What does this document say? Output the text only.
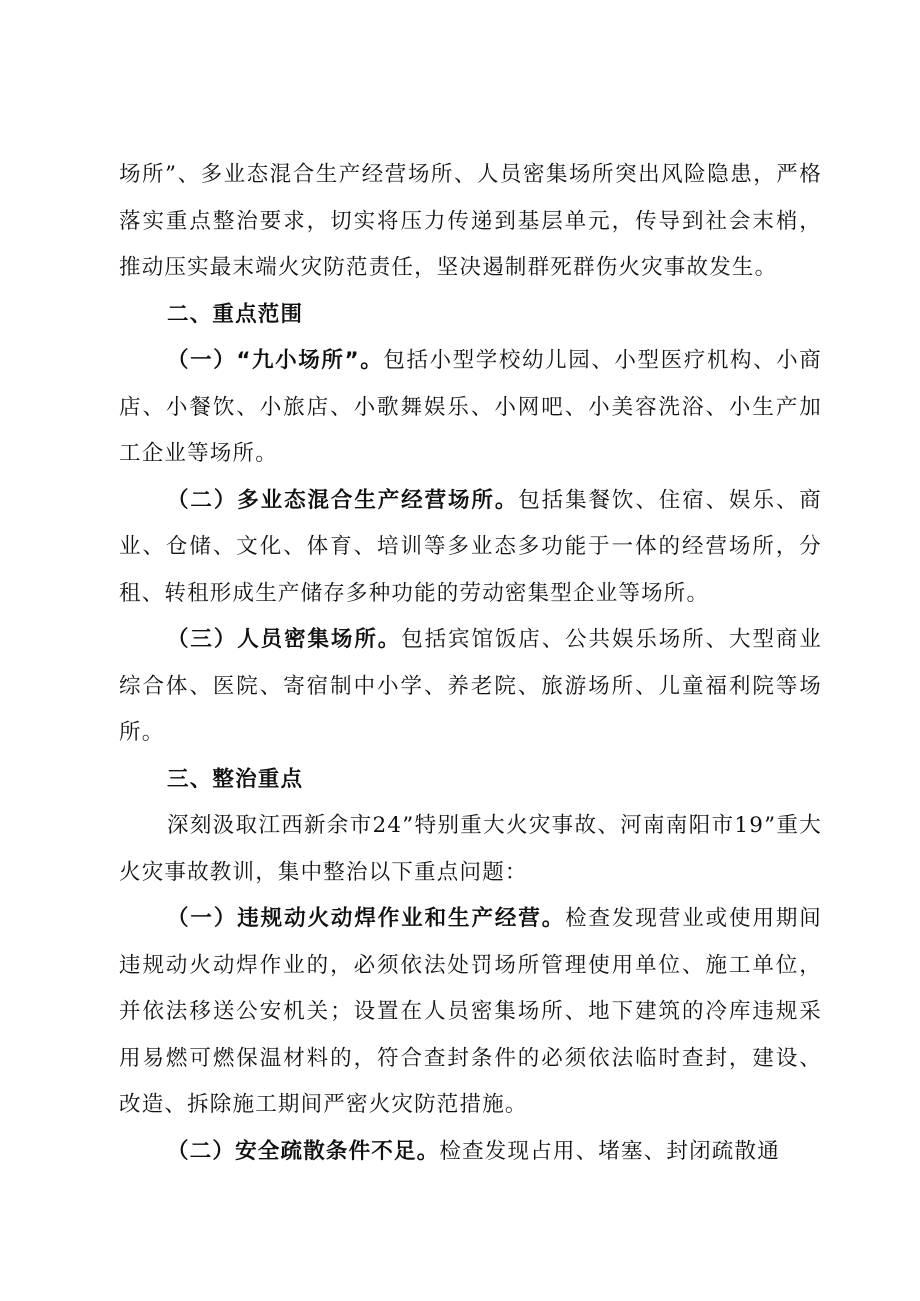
场所”、多业态混合生产经营场所、人员密集场所突出风险隐患，严格落实重点整治要求，切实将压力传递到基层单元，传导到社会末梢，推动压实最末端火灾防范责任，坚决遏制群死群伤火灾事故发生。

二、重点范围

（一）“九小场所”。包括小型学校幼儿园、小型医疗机构、小商店、小餐饮、小旅店、小歌舞娱乐、小网吧、小美容洗浴、小生产加工企业等场所。

（二）多业态混合生产经营场所。包括集餐饮、住宿、娱乐、商业、仓储、文化、体育、培训等多业态多功能于一体的经营场所，分租、转租形成生产储存多种功能的劳动密集型企业等场所。

（三）人员密集场所。包括宾馆饭店、公共娱乐场所、大型商业综合体、医院、寄宿制中小学、养老院、旅游场所、儿童福利院等场所。

三、整治重点

深刻汲取江西新余市24”特别重大火灾事故、河南南阳市19”重大火灾事故教训，集中整治以下重点问题：

（一）违规动火动焊作业和生产经营。检查发现营业或使用期间违规动火动焊作业的，必须依法处罚场所管理使用单位、施工单位，并依法移送公安机关；设置在人员密集场所、地下建筑的冷库违规采用易燃可燃保温材料的，符合查封条件的必须依法临时查封，建设、改造、拆除施工期间严密火灾防范措施。

（二）安全疏散条件不足。检查发现占用、堵塞、封闭疏散通
